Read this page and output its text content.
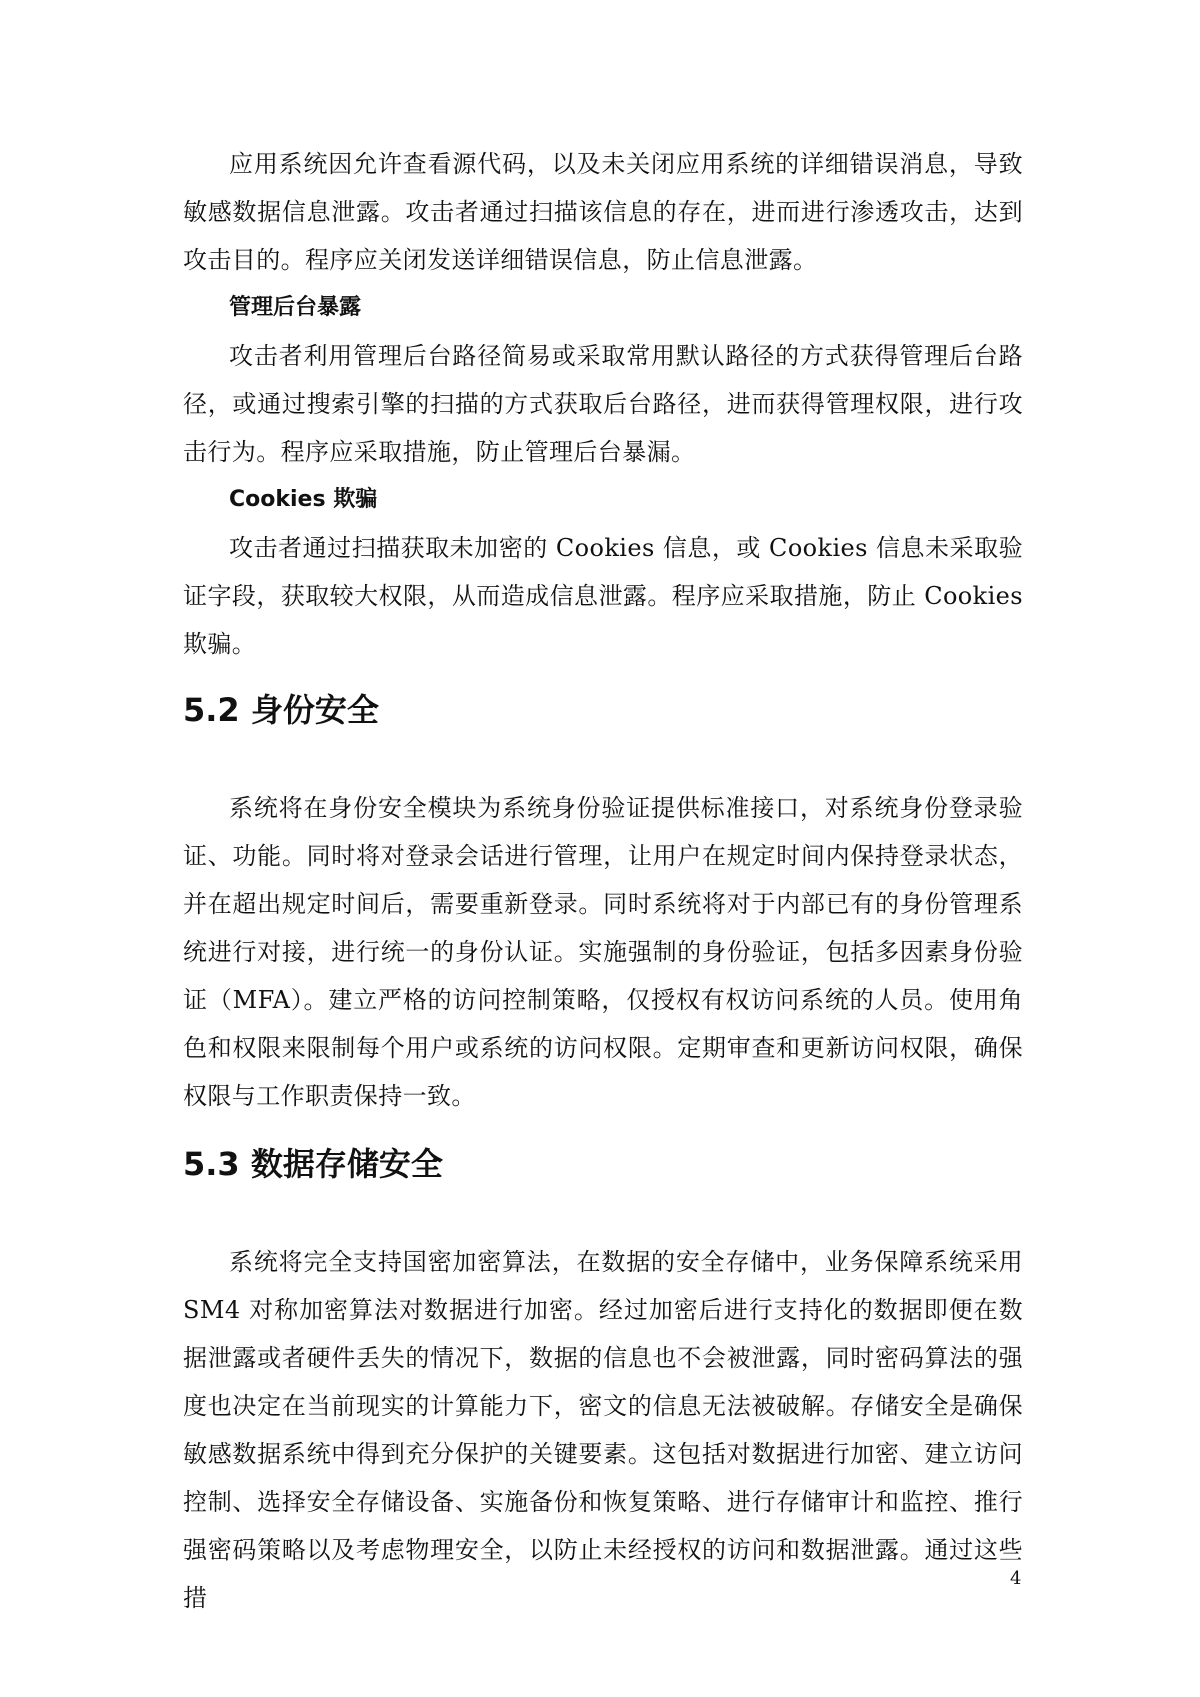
应用系统因允许查看源代码，以及未关闭应用系统的详细错误消息，导致敏感数据信息泄露。攻击者通过扫描该信息的存在，进而进行渗透攻击，达到攻击目的。程序应关闭发送详细错误信息，防止信息泄露。

管理后台暴露

攻击者利用管理后台路径简易或采取常用默认路径的方式获得管理后台路径，或通过搜索引擎的扫描的方式获取后台路径，进而获得管理权限，进行攻击行为。程序应采取措施，防止管理后台暴漏。

Cookies 欺骗

攻击者通过扫描获取未加密的 Cookies 信息，或 Cookies 信息未采取验证字段，获取较大权限，从而造成信息泄露。程序应采取措施，防止 Cookies 欺骗。

5.2 身份安全

系统将在身份安全模块为系统身份验证提供标准接口，对系统身份登录验证、功能。同时将对登录会话进行管理，让用户在规定时间内保持登录状态，并在超出规定时间后，需要重新登录。同时系统将对于内部已有的身份管理系统进行对接，进行统一的身份认证。实施强制的身份验证，包括多因素身份验证（MFA）。建立严格的访问控制策略，仅授权有权访问系统的人员。使用角色和权限来限制每个用户或系统的访问权限。定期审查和更新访问权限，确保权限与工作职责保持一致。

5.3 数据存储安全

系统将完全支持国密加密算法，在数据的安全存储中，业务保障系统采用 SM4 对称加密算法对数据进行加密。经过加密后进行支持化的数据即便在数据泄露或者硬件丢失的情况下，数据的信息也不会被泄露，同时密码算法的强度也决定在当前现实的计算能力下，密文的信息无法被破解。存储安全是确保敏感数据系统中得到充分保护的关键要素。这包括对数据进行加密、建立访问控制、选择安全存储设备、实施备份和恢复策略、进行存储审计和监控、推行强密码策略以及考虑物理安全，以防止未经授权的访问和数据泄露。通过这些措

4
